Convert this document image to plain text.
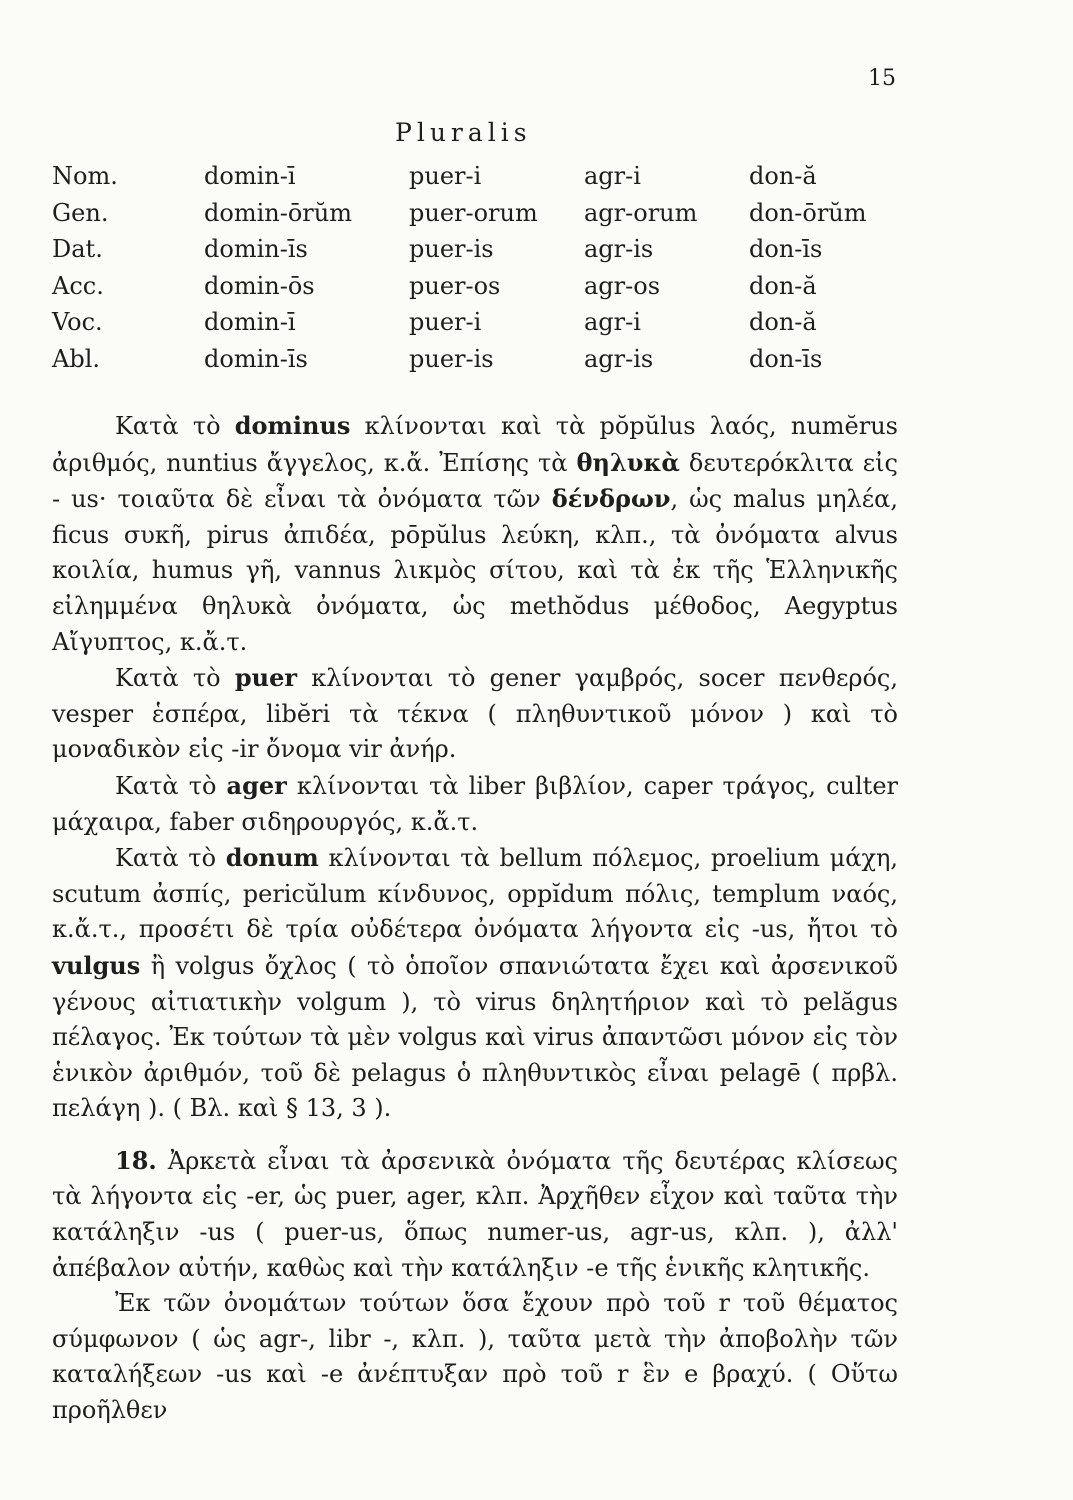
15
Pluralis
Nom.	domin-ī	puer-i	agr-i	don-ă
Gen.	domin-ōrŭm	puer-orum	agr-orum	don-ōrŭm
Dat.	domin-īs	puer-is	agr-is	don-īs
Acc.	domin-ōs	puer-os	agr-os	don-ă
Voc.	domin-ī	puer-i	agr-i	don-ă
Abl.	domin-īs	puer-is	agr-is	don-īs

Κατὰ τὸ dominus κλίνονται καὶ τὰ pŏpŭlus λαός, numĕrus ἀριθμός, nuntius ἄγγελος, κ.ἄ. Ἐπίσης τὰ θηλυκὰ δευτερόκλιτα εἰς - us· τοιαῦτα δὲ εἶναι τὰ ὀνόματα τῶν δένδρων, ὡς malus μηλέα, ficus συκῆ, pirus ἀπιδέα, pōpŭlus λεύκη, κλπ., τὰ ὀνόματα alvus κοιλία, humus γῆ, vannus λικμὸς σίτου, καὶ τὰ ἐκ τῆς Ἑλληνικῆς εἰλημμένα θηλυκὰ ὀνόματα, ὡς methŏdus μέθοδος, Aegyptus Αἴγυπτος, κ.ἄ.τ.

Κατὰ τὸ puer κλίνονται τὸ gener γαμβρός, socer πενθερός, vesper ἑσπέρα, libĕri τὰ τέκνα ( πληθυντικοῦ μόνον ) καὶ τὸ μοναδικὸν εἰς -ir ὄνομα vir ἀνήρ.

Κατὰ τὸ ager κλίνονται τὰ liber βιβλίον, caper τράγος, culter μάχαιρα, faber σιδηρουργός, κ.ἄ.τ.

Κατὰ τὸ donum κλίνονται τὰ bellum πόλεμος, proelium μάχη, scutum ἀσπίς, pericŭlum κίνδυνος, oppĭdum πόλις, templum ναός, κ.ἄ.τ., προσέτι δὲ τρία οὐδέτερα ὀνόματα λήγοντα εἰς -us, ἤτοι τὸ vulgus ἢ volgus ὄχλος ( τὸ ὁποῖον σπανιώτατα ἔχει καὶ ἀρσενικοῦ γένους αἰτιατικὴν volgum ), τὸ virus δηλητήριον καὶ τὸ pelăgus πέλαγος. Ἐκ τούτων τὰ μὲν volgus καὶ virus ἀπαντῶσι μόνον εἰς τὸν ἑνικὸν ἀριθμόν, τοῦ δὲ pelagus ὁ πληθυντικὸς εἶναι pelagē ( πρβλ. πελάγη ). ( Βλ. καὶ § 13, 3 ).

18. Ἀρκετὰ εἶναι τὰ ἀρσενικὰ ὀνόματα τῆς δευτέρας κλίσεως τὰ λήγοντα εἰς -er, ὡς puer, ager, κλπ. Ἀρχῆθεν εἶχον καὶ ταῦτα τὴν κατάληξιν -us ( puer-us, ὅπως numer-us, agr-us, κλπ. ), ἀλλ' ἀπέβαλον αὐτήν, καθὼς καὶ τὴν κατάληξιν -e τῆς ἑνικῆς κλητικῆς.

Ἐκ τῶν ὀνομάτων τούτων ὅσα ἔχουν πρὸ τοῦ r τοῦ θέματος σύμφωνον ( ὡς agr-, libr -, κλπ. ), ταῦτα μετὰ τὴν ἀποβολὴν τῶν καταλήξεων -us καὶ -e ἀνέπτυξαν πρὸ τοῦ r ἓν e βραχύ. ( Οὕτω προῆλθεν
